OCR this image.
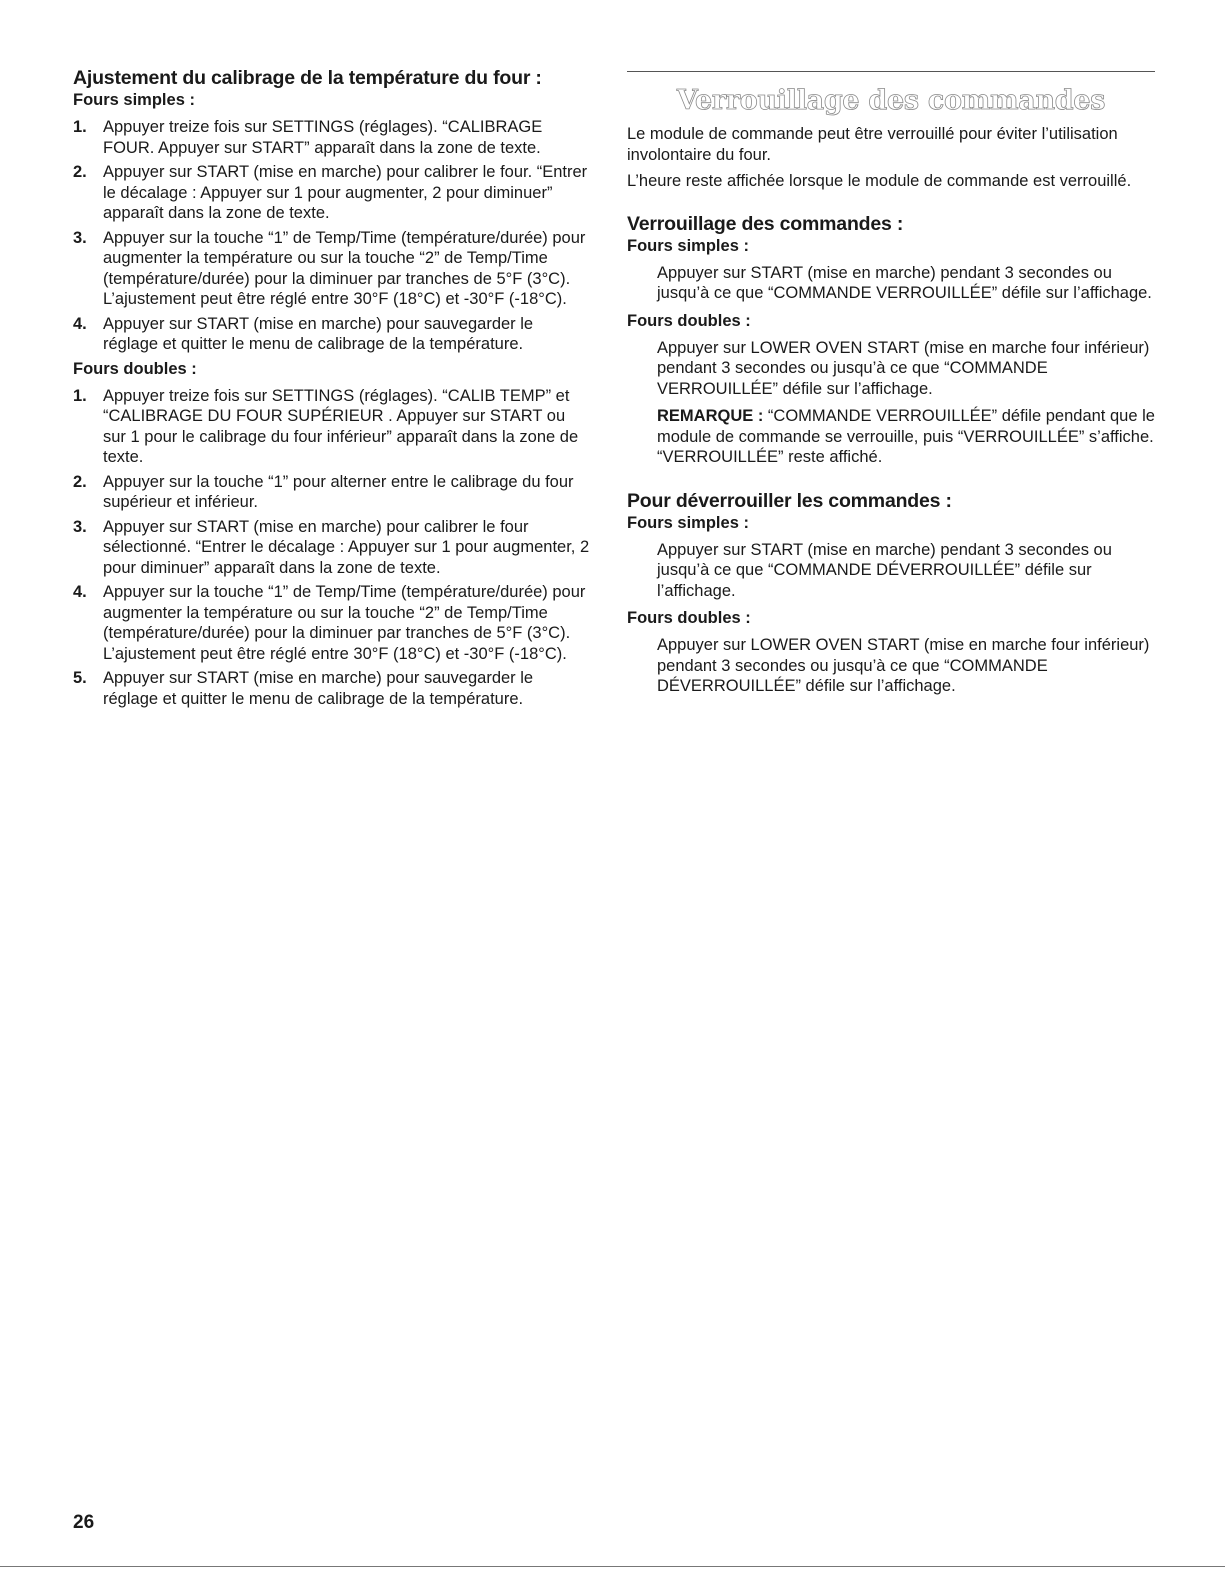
Ajustement du calibrage de la température du four :
Fours simples :
1. Appuyer treize fois sur SETTINGS (réglages). “CALIBRAGE FOUR. Appuyer sur START” apparaît dans la zone de texte.
2. Appuyer sur START (mise en marche) pour calibrer le four. “Entrer le décalage : Appuyer sur 1 pour augmenter, 2 pour diminuer” apparaît dans la zone de texte.
3. Appuyer sur la touche “1” de Temp/Time (température/durée) pour augmenter la température ou sur la touche “2” de Temp/Time (température/durée) pour la diminuer par tranches de 5°F (3°C). L’ajustement peut être réglé entre 30°F (18°C) et -30°F (-18°C).
4. Appuyer sur START (mise en marche) pour sauvegarder le réglage et quitter le menu de calibrage de la température.
Fours doubles :
1. Appuyer treize fois sur SETTINGS (réglages). “CALIB TEMP” et “CALIBRAGE DU FOUR SUPÉRIEUR . Appuyer sur START ou sur 1 pour le calibrage du four inférieur” apparaît dans la zone de texte.
2. Appuyer sur la touche “1” pour alterner entre le calibrage du four supérieur et inférieur.
3. Appuyer sur START (mise en marche) pour calibrer le four sélectionné. “Entrer le décalage : Appuyer sur 1 pour augmenter, 2 pour diminuer” apparaît dans la zone de texte.
4. Appuyer sur la touche “1” de Temp/Time (température/durée) pour augmenter la température ou sur la touche “2” de Temp/Time (température/durée) pour la diminuer par tranches de 5°F (3°C). L’ajustement peut être réglé entre 30°F (18°C) et -30°F (-18°C).
5. Appuyer sur START (mise en marche) pour sauvegarder le réglage et quitter le menu de calibrage de la température.
Verrouillage des commandes

Le module de commande peut être verrouillé pour éviter l’utilisation involontaire du four.

L’heure reste affichée lorsque le module de commande est verrouillé.

Verrouillage des commandes :
Fours simples :

Appuyer sur START (mise en marche) pendant 3 secondes ou jusqu’à ce que “COMMANDE VERROUILLÉE” défile sur l’affichage.

Fours doubles :

Appuyer sur LOWER OVEN START (mise en marche four inférieur) pendant 3 secondes ou jusqu’à ce que “COMMANDE VERROUILLÉE” défile sur l’affichage.

REMARQUE : “COMMANDE VERROUILLÉE” défile pendant que le module de commande se verrouille, puis “VERROUILLÉE” s’affiche. “VERROUILLÉE” reste affiché.

Pour déverrouiller les commandes :
Fours simples :

Appuyer sur START (mise en marche) pendant 3 secondes ou jusqu’à ce que “COMMANDE DÉVERROUILLÉE” défile sur l’affichage.

Fours doubles :

Appuyer sur LOWER OVEN START (mise en marche four inférieur) pendant 3 secondes ou jusqu’à ce que “COMMANDE DÉVERROUILLÉE” défile sur l’affichage.

26
